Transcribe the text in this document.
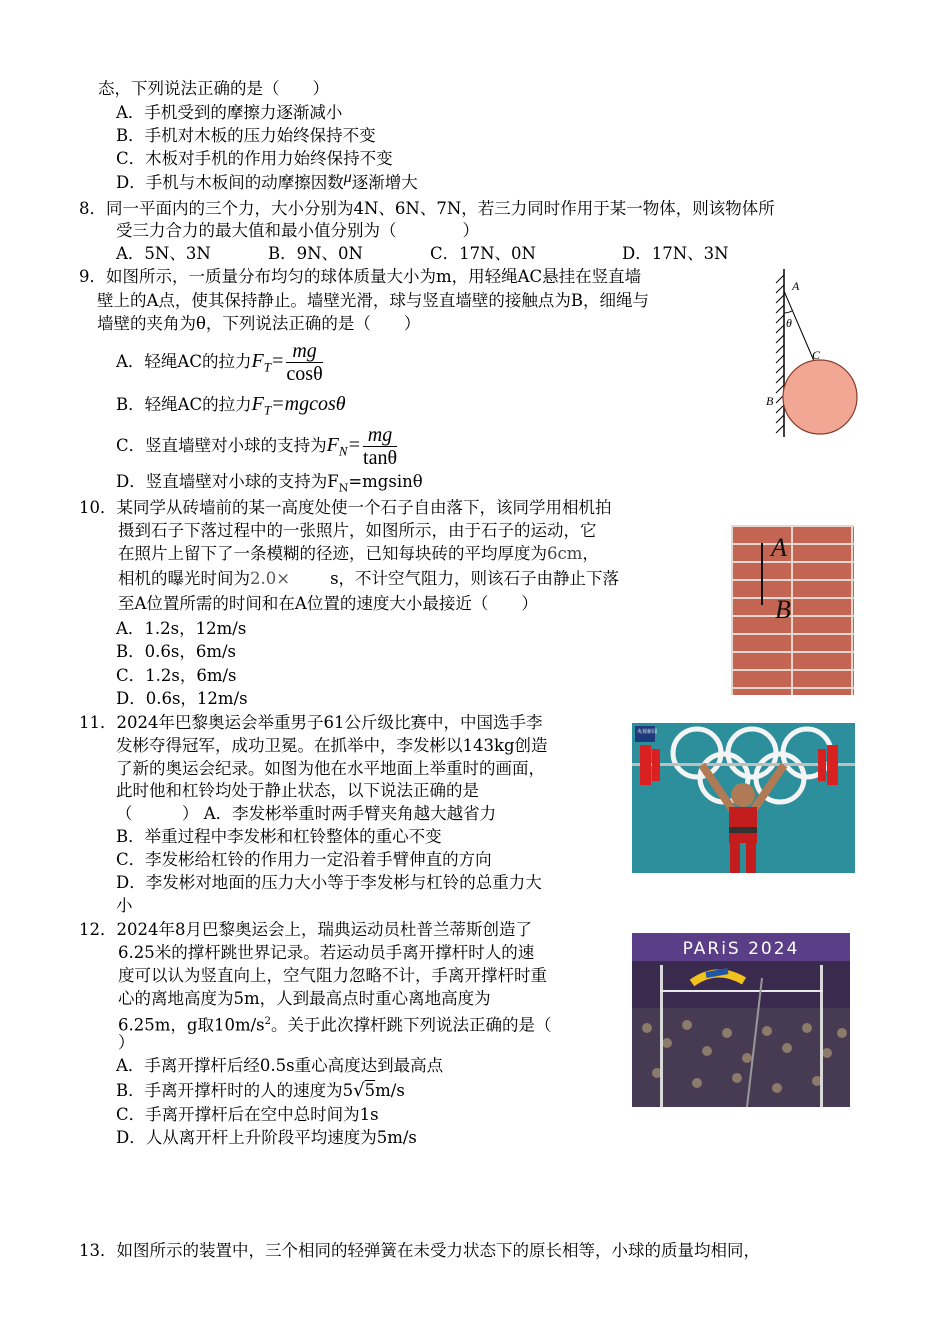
态，下列说法正确的是（　　）
A．手机受到的摩擦力逐渐减小
B．手机对木板的压力始终保持不变
C．木板对手机的作用力始终保持不变
D．手机与木板间的动摩擦因数μ逐渐增大
8．同一平面内的三个力，大小分别为4N、6N、7N，若三力同时作用于某一物体，则该物体所
受三力合力的最大值和最小值分别为（　　　　）
A．5N、3N	B．9N、0N	C．17N、0N	D．17N、3N
9．如图所示，一质量分布均匀的球体质量大小为m，用轻绳AC悬挂在竖直墙
壁上的A点，使其保持静止。墙壁光滑，球与竖直墙壁的接触点为B，细绳与
墙壁的夹角为θ，下列说法正确的是（　　）
A．轻绳AC的拉力$F_T= \frac{mg}{\cos\theta}$
B．轻绳AC的拉力$F_T=mgcos\theta$
C．竖直墙壁对小球的支持为$F_N= \frac{mg}{\tan\theta}$
D．竖直墙壁对小球的支持为$F_N=mgsin\theta$
A
θ
C
B
10．某同学从砖墙前的某一高度处使一个石子自由落下，该同学用相机拍
摄到石子下落过程中的一张照片，如图所示，由于石子的运动，它
在照片上留下了一条模糊的径迹，已知每块砖的平均厚度为6cm，
相机的曝光时间为2.0× s，不计空气阻力，则该石子由静止下落
至A位置所需的时间和在A位置的速度大小最接近（　　）
A．1.2s，12m/s
B．0.6s，6m/s
C．1.2s，6m/s
D．0.6s，12m/s
A
B
11．2024年巴黎奥运会举重男子61公斤级比赛中，中国选手李
发彬夺得冠军，成功卫冕。在抓举中，李发彬以143kg创造
了新的奥运会纪录。如图为他在水平地面上举重时的画面，
此时他和杠铃均处于静止状态，以下说法正确的是
（　　　） A．李发彬举重时两手臂夹角越大越省力
B．举重过程中李发彬和杠铃整体的重心不变
C．李发彬给杠铃的作用力一定沿着手臂伸直的方向
D．李发彬对地面的压力大小等于李发彬与杠铃的总重力大
小
央视新闻
12．2024年8月巴黎奥运会上，瑞典运动员杜普兰蒂斯创造了
6.25米的撑杆跳世界记录。若运动员手离开撑杆时人的速
度可以认为竖直向上，空气阻力忽略不计，手离开撑杆时重
心的离地高度为5m，人到最高点时重心离地高度为
6.25m，g取$10m/s^2$。关于此次撑杆跳下列说法正确的是（
）
A．手离开撑杆后经0.5s重心高度达到最高点
B．手离开撑杆时的人的速度为5√5m/s
C．手离开撑杆后在空中总时间为1s
D．人从离开杆上升阶段平均速度为5m/s
PARiS 2024
13．如图所示的装置中，三个相同的轻弹簧在未受力状态下的原长相等，小球的质量均相同，
